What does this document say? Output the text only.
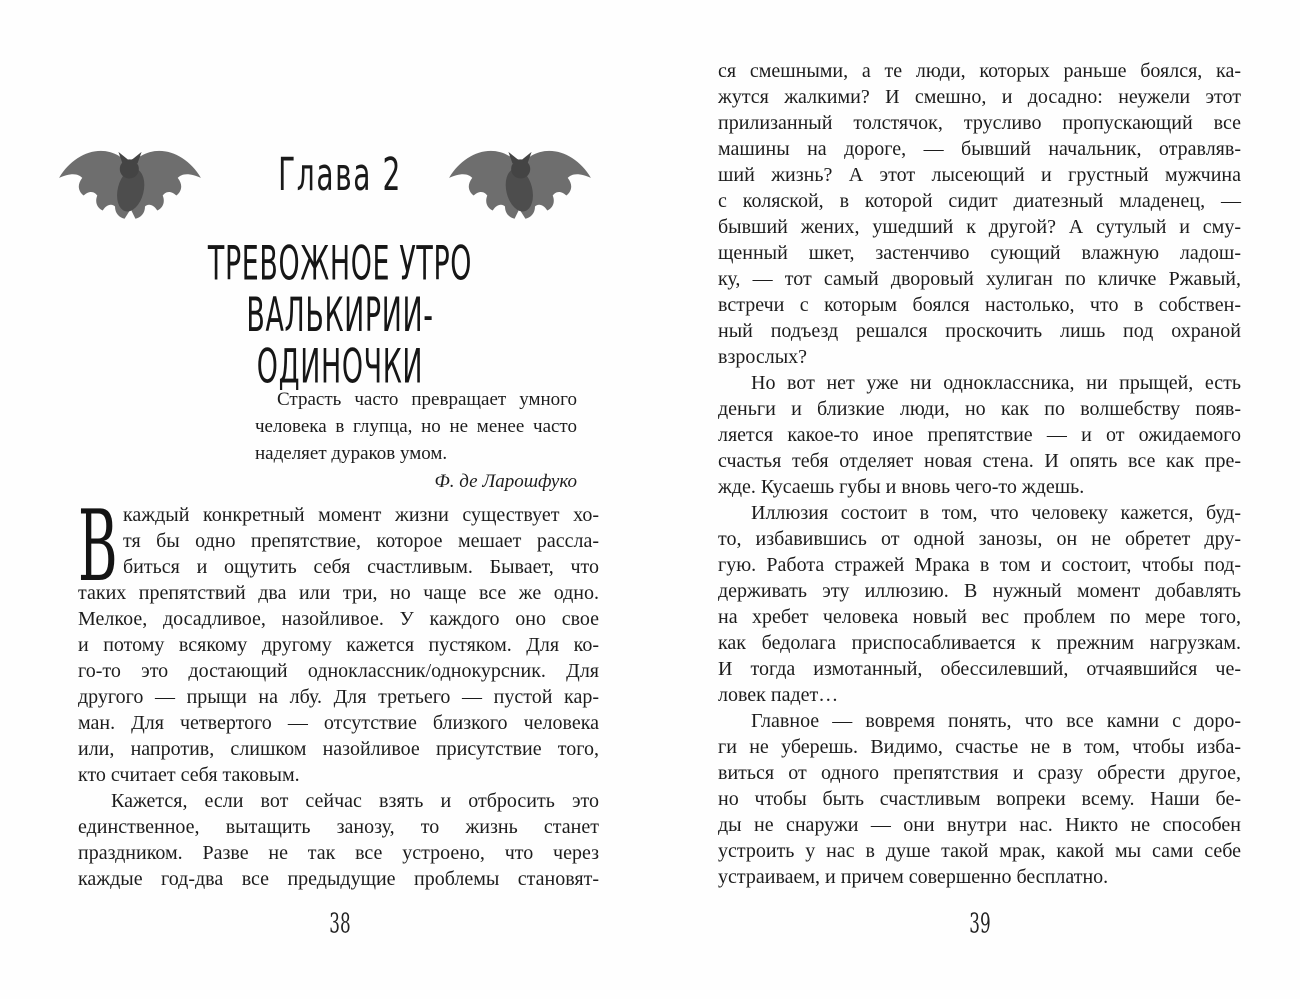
Глава 2
ТРЕВОЖНОЕ УТРО
ВАЛЬКИРИИ-ОДИНОЧКИ
Страсть часто превращает умного
человека в глупца, но не менее часто
наделяет дураков умом.
Ф. де Ларошфуко
В каждый конкретный момент жизни существует хо-
тя бы одно препятствие, которое мешает рассла-
биться и ощутить себя счастливым. Бывает, что
таких препятствий два или три, но чаще все же одно.
Мелкое, досадливое, назойливое. У каждого оно свое
и потому всякому другому кажется пустяком. Для ко-
го-то это достающий одноклассник/однокурсник. Для
другого — прыщи на лбу. Для третьего — пустой кар-
ман. Для четвертого — отсутствие близкого человека
или, напротив, слишком назойливое присутствие того,
кто считает себя таковым.
Кажется, если вот сейчас взять и отбросить это
единственное, вытащить занозу, то жизнь станет
праздником. Разве не так все устроено, что через
каждые год-два все предыдущие проблемы становят-
38
ся смешными, а те люди, которых раньше боялся, ка-
жутся жалкими? И смешно, и досадно: неужели этот
прилизанный толстячок, трусливо пропускающий все
машины на дороге, — бывший начальник, отравляв-
ший жизнь? А этот лысеющий и грустный мужчина
с коляской, в которой сидит диатезный младенец, —
бывший жених, ушедший к другой? А сутулый и сму-
щенный шкет, застенчиво сующий влажную ладош-
ку, — тот самый дворовый хулиган по кличке Ржавый,
встречи с которым боялся настолько, что в собствен-
ный подъезд решался проскочить лишь под охраной
взрослых?
Но вот нет уже ни одноклассника, ни прыщей, есть
деньги и близкие люди, но как по волшебству появ-
ляется какое-то иное препятствие — и от ожидаемого
счастья тебя отделяет новая стена. И опять все как пре-
жде. Кусаешь губы и вновь чего-то ждешь.
Иллюзия состоит в том, что человеку кажется, буд-
то, избавившись от одной занозы, он не обретет дру-
гую. Работа стражей Мрака в том и состоит, чтобы под-
держивать эту иллюзию. В нужный момент добавлять
на хребет человека новый вес проблем по мере того,
как бедолага приспосабливается к прежним нагрузкам.
И тогда измотанный, обессилевший, отчаявшийся че-
ловек падет…
Главное — вовремя понять, что все камни с доро-
ги не уберешь. Видимо, счастье не в том, чтобы изба-
виться от одного препятствия и сразу обрести другое,
но чтобы быть счастливым вопреки всему. Наши бе-
ды не снаружи — они внутри нас. Никто не способен
устроить у нас в душе такой мрак, какой мы сами себе
устраиваем, и причем совершенно бесплатно.
39
